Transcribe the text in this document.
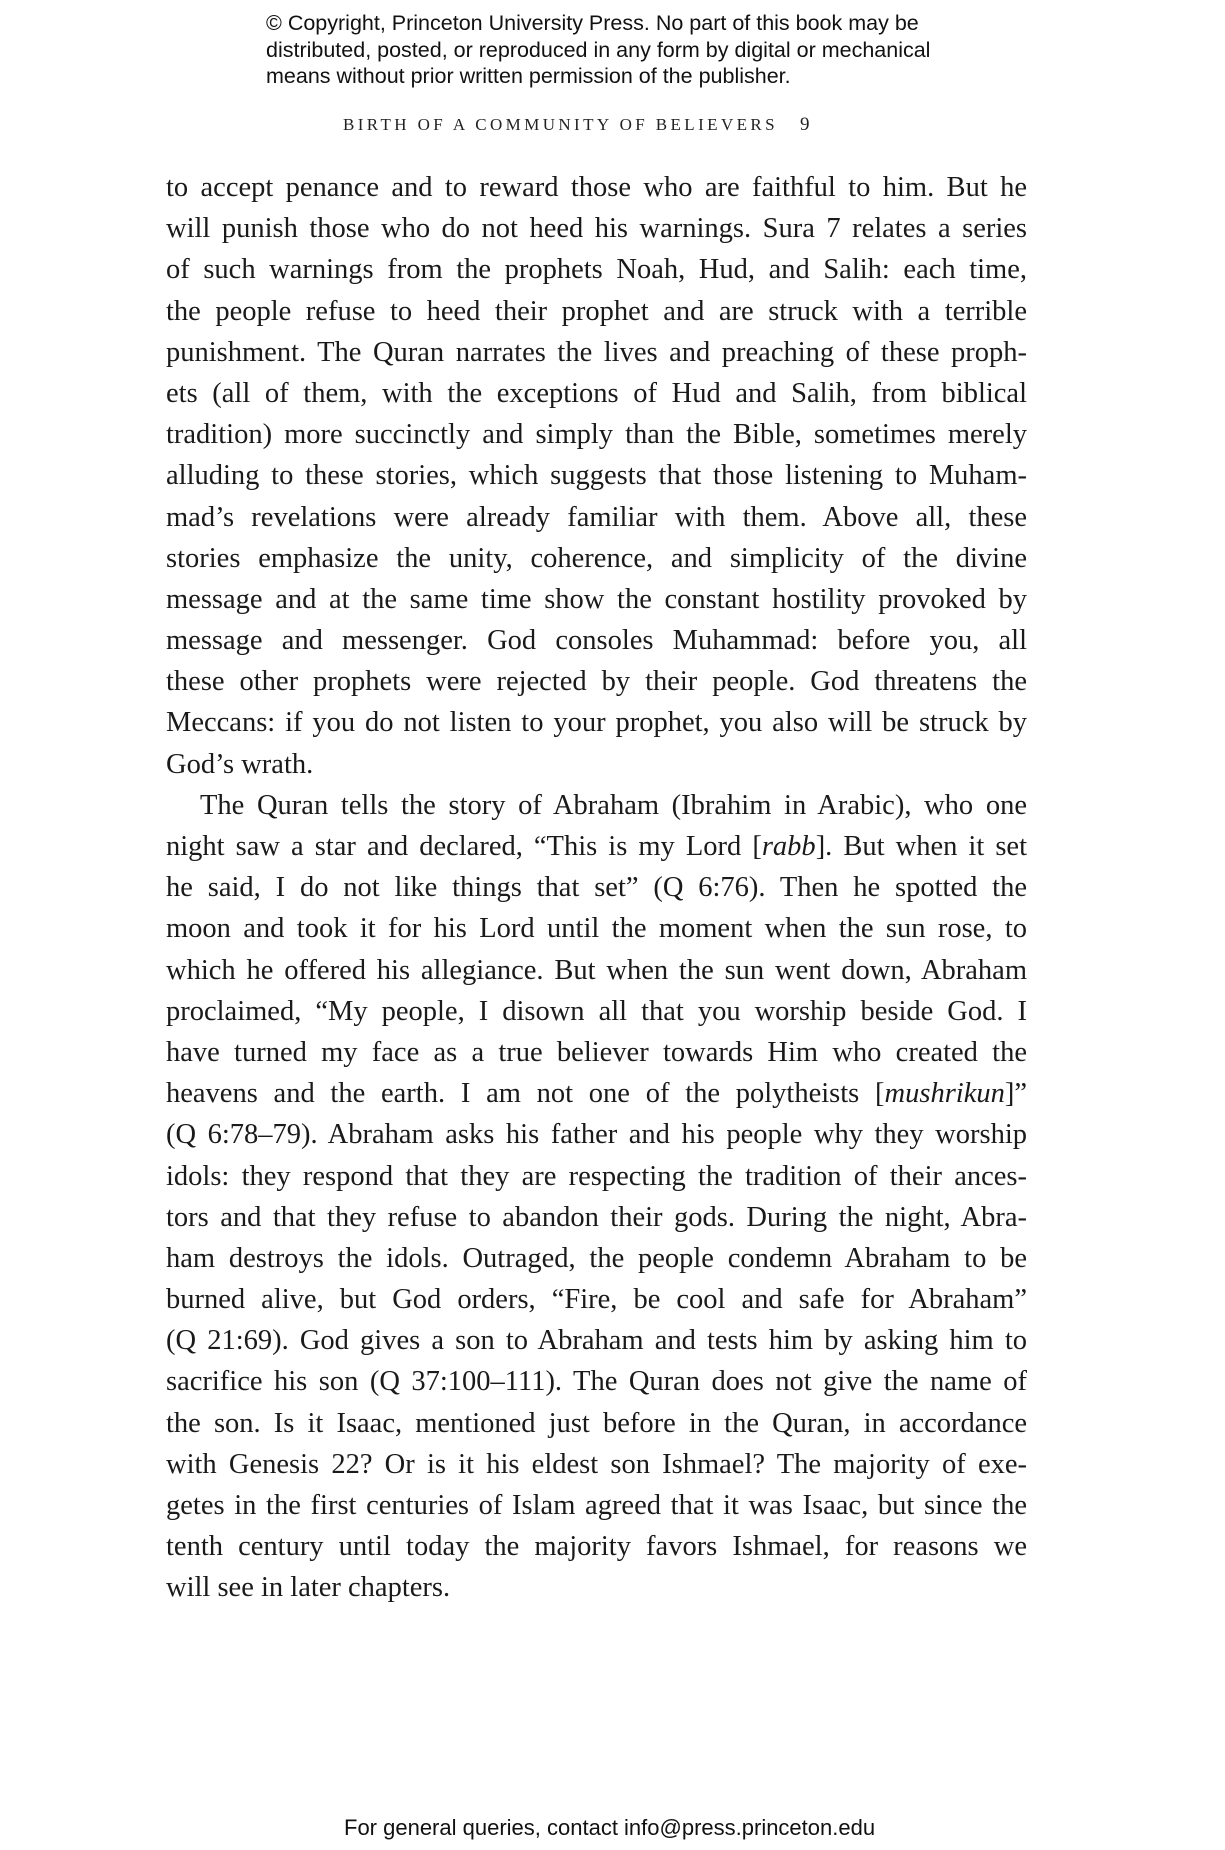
© Copyright, Princeton University Press. No part of this book may be
distributed, posted, or reproduced in any form by digital or mechanical
means without prior written permission of the publisher.
BIRTH OF A COMMUNITY OF BELIEVERS 9
to accept penance and to reward those who are faithful to him. But he
will punish those who do not heed his warnings. Sura 7 relates a series
of such warnings from the prophets Noah, Hud, and Salih: each time,
the people refuse to heed their prophet and are struck with a terrible
punishment. The Quran narrates the lives and preaching of these proph-
ets (all of them, with the exceptions of Hud and Salih, from biblical
tradition) more succinctly and simply than the Bible, sometimes merely
alluding to these stories, which suggests that those listening to Muham-
mad’s revelations were already familiar with them. Above all, these
stories emphasize the unity, coherence, and simplicity of the divine
message and at the same time show the constant hostility provoked by
message and messenger. God consoles Muhammad: before you, all
these other prophets were rejected by their people. God threatens the
Meccans: if you do not listen to your prophet, you also will be struck by
God’s wrath.
The Quran tells the story of Abraham (Ibrahim in Arabic), who one
night saw a star and declared, “This is my Lord [rabb]. But when it set
he said, I do not like things that set” (Q 6:76). Then he spotted the
moon and took it for his Lord until the moment when the sun rose, to
which he offered his allegiance. But when the sun went down, Abraham
proclaimed, “My people, I disown all that you worship beside God. I
have turned my face as a true believer towards Him who created the
heavens and the earth. I am not one of the polytheists [mushrikun]”
(Q 6:78–79). Abraham asks his father and his people why they worship
idols: they respond that they are respecting the tradition of their ances-
tors and that they refuse to abandon their gods. During the night, Abra-
ham destroys the idols. Outraged, the people condemn Abraham to be
burned alive, but God orders, “Fire, be cool and safe for Abraham”
(Q 21:69). God gives a son to Abraham and tests him by asking him to
sacrifice his son (Q 37:100–111). The Quran does not give the name of
the son. Is it Isaac, mentioned just before in the Quran, in accordance
with Genesis 22? Or is it his eldest son Ishmael? The majority of exe-
getes in the first centuries of Islam agreed that it was Isaac, but since the
tenth century until today the majority favors Ishmael, for reasons we
will see in later chapters.
For general queries, contact info@press.princeton.edu
